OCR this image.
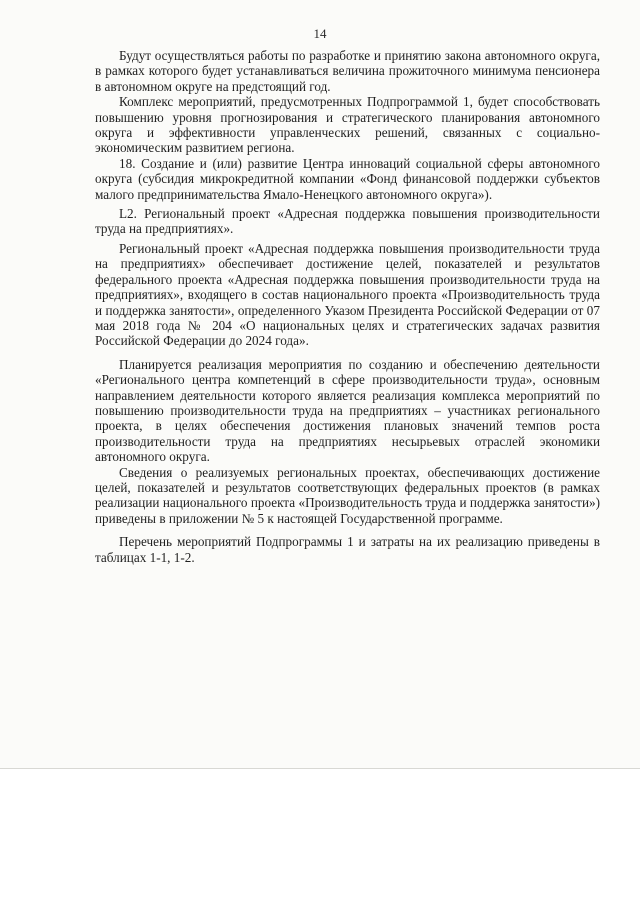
14

Будут осуществляться работы по разработке и принятию закона автономного округа, в рамках которого будет устанавливаться величина прожиточного минимума пенсионера в автономном округе на предстоящий год.

Комплекс мероприятий, предусмотренных Подпрограммой 1, будет способствовать повышению уровня прогнозирования и стратегического планирования автономного округа и эффективности управленческих решений, связанных с социально-экономическим развитием региона.

18. Создание и (или) развитие Центра инноваций социальной сферы автономного округа (субсидия микрокредитной компании «Фонд финансовой поддержки субъектов малого предпринимательства Ямало-Ненецкого автономного округа»).

L2. Региональный проект «Адресная поддержка повышения производительности труда на предприятиях».

Региональный проект «Адресная поддержка повышения производительности труда на предприятиях» обеспечивает достижение целей, показателей и результатов федерального проекта «Адресная поддержка повышения производительности труда на предприятиях», входящего в состав национального проекта «Производительность труда и поддержка занятости», определенного Указом Президента Российской Федерации от 07 мая 2018 года № 204 «О национальных целях и стратегических задачах развития Российской Федерации до 2024 года».

Планируется реализация мероприятия по созданию и обеспечению деятельности «Регионального центра компетенций в сфере производительности труда», основным направлением деятельности которого является реализация комплекса мероприятий по повышению производительности труда на предприятиях – участниках регионального проекта, в целях обеспечения достижения плановых значений темпов роста производительности труда на предприятиях несырьевых отраслей экономики автономного округа.

Сведения о реализуемых региональных проектах, обеспечивающих достижение целей, показателей и результатов соответствующих федеральных проектов (в рамках реализации национального проекта «Производительность труда и поддержка занятости») приведены в приложении № 5 к настоящей Государственной программе.

Перечень мероприятий Подпрограммы 1 и затраты на их реализацию приведены в таблицах 1-1, 1-2.
